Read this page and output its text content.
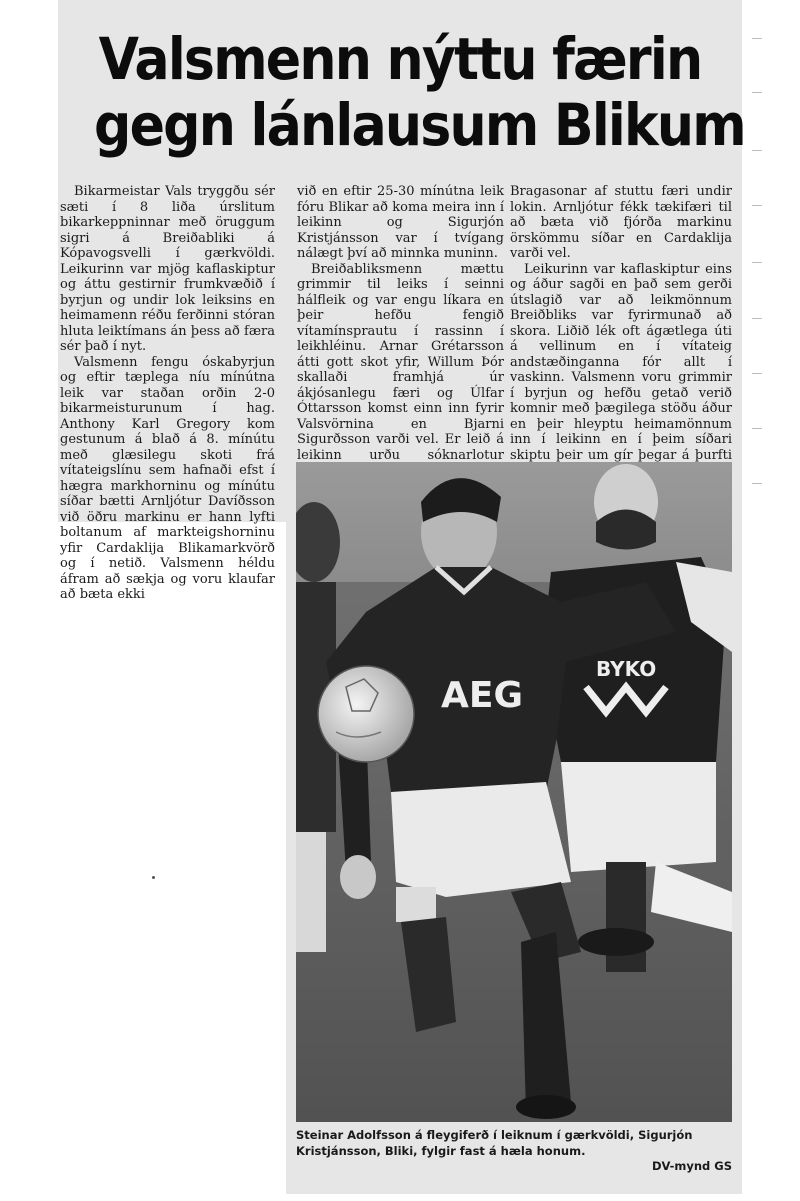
Valsmenn nýttu færin
gegn lánlausum Blikum

Bikarmeistar Vals tryggðu sér sæti í 8 liða úrslitum bikarkeppninnar með öruggum sigri á Breiðabliki á Kópavogsvelli í gærkvöldi. Leikurinn var mjög kaflaskiptur og áttu gestirnir frumkvæðið í byrjun og undir lok leiksins en heimamenn réðu ferðinni stóran hluta leiktímans án þess að færa sér það í nyt.

Valsmenn fengu óskabyrjun og eftir tæplega níu mínútna leik var staðan orðin 2-0 bikarmeisturunum í hag. Anthony Karl Gregory kom gestunum á blað á 8. mínútu með glæsilegu skoti frá vítateigslínu sem hafnaði efst í hægra markhorninu og mínútu síðar bætti Arnljótur Davíðsson við öðru markinu er hann lyfti boltanum af markteigshorninu yfir Cardaklija Blikamarkvörð og í netið. Valsmenn héldu áfram að sækja og voru klaufar að bæta ekki

við en eftir 25-30 mínútna leik fóru Blikar að koma meira inn í leikinn og Sigurjón Kristjánsson var í tvígang nálægt því að minnka muninn.

Breiðabliksmenn mættu grimmir til leiks í seinni hálfleik og var engu líkara en þeir hefðu fengið vítamínsprautu í rassinn í leikhléinu. Arnar Grétarsson átti gott skot yfir, Willum Þór skallaði framhjá úr ákjósanlegu færi og Úlfar Óttarsson komst einn inn fyrir Valsvörnina en Bjarni Sigurðsson varði vel. Er leið á leikinn urðu sóknarlotur

Bragasonar af stuttu færi undir lokin. Arnljótur fékk tækifæri til að bæta við fjórða markinu örskömmu síðar en Cardaklija varði vel.

Leikurinn var kaflaskiptur eins og áður sagði en það sem gerði útslagið var að leikmönnum Breiðbliks var fyrirmunað að skora. Liðið lék oft ágætlega úti á vellinum en í vítateig andstæðinganna fór allt í vaskinn. Valsmenn voru grimmir í byrjun og hefðu getað verið komnir með þægilega stöðu áður en þeir hleyptu heimamönnum inn í leikinn en í þeim síðari skiptu þeir um gír þegar á þurfti

BYKO
AEG
Steinar Adolfsson á fleygiferð í leiknum í gærkvöldi, Sigurjón Kristjánsson, Bliki, fylgir fast á hæla honum.
DV-mynd GS
